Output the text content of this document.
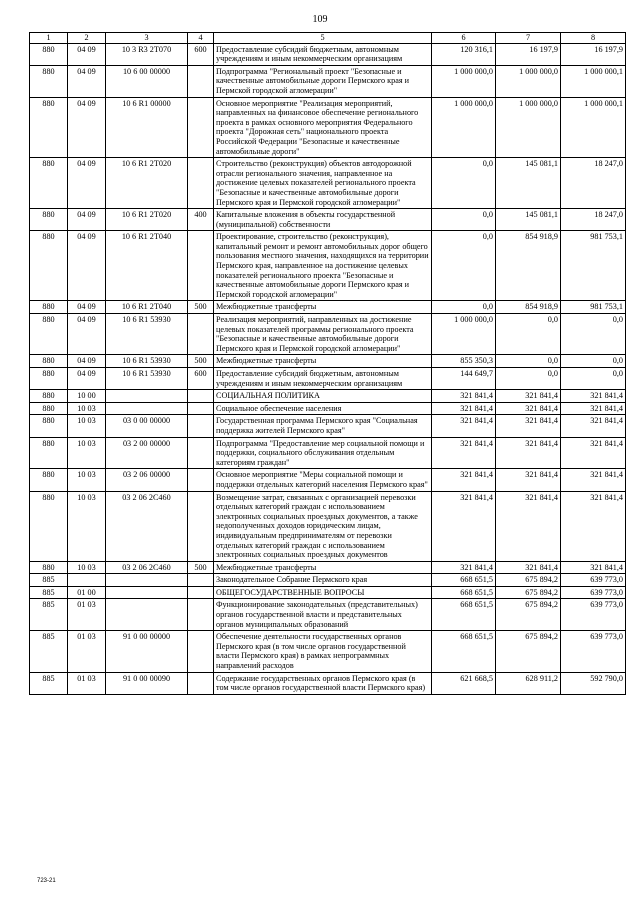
109
1	2	3	4	5	6	7	8
880	04 09	10 3 R3 2T070	600	Предоставление субсидий бюджетным, автономным учреждениям и иным некоммерческим организациям	120 316,1	16 197,9	16 197,9
880	04 09	10 6 00 00000		Подпрограмма "Региональный проект "Безопасные и качественные автомобильные дороги Пермского края и Пермской городской агломерации"	1 000 000,0	1 000 000,0	1 000 000,1
880	04 09	10 6 R1 00000		Основное мероприятие "Реализация мероприятий, направленных на финансовое обеспечение регионального проекта в рамках основного мероприятия Федерального проекта "Дорожная сеть" национального проекта Российской Федерации "Безопасные и качественные автомобильные дороги"	1 000 000,0	1 000 000,0	1 000 000,1
880	04 09	10 6 R1 2T020		Строительство (реконструкция) объектов автодорожной отрасли регионального значения, направленное на достижение целевых показателей регионального проекта "Безопасные и качественные автомобильные дороги Пермского края и Пермской городской агломерации"	0,0	145 081,1	18 247,0
880	04 09	10 6 R1 2T020	400	Капитальные вложения в объекты государственной (муниципальной) собственности	0,0	145 081,1	18 247,0
880	04 09	10 6 R1 2T040		Проектирование, строительство (реконструкция), капитальный ремонт и ремонт автомобильных дорог общего пользования местного значения, находящихся на территории Пермского края, направленное на достижение целевых показателей регионального проекта "Безопасные и качественные автомобильные дороги Пермского края и Пермской городской агломерации"	0,0	854 918,9	981 753,1
880	04 09	10 6 R1 2T040	500	Межбюджетные трансферты	0,0	854 918,9	981 753,1
880	04 09	10 6 R1 53930		Реализация мероприятий, направленных на достижение целевых показателей программы регионального проекта "Безопасные и качественные автомобильные дороги Пермского края и Пермской городской агломерации"	1 000 000,0	0,0	0,0
880	04 09	10 6 R1 53930	500	Межбюджетные трансферты	855 350,3	0,0	0,0
880	04 09	10 6 R1 53930	600	Предоставление субсидий бюджетным, автономным учреждениям и иным некоммерческим организациям	144 649,7	0,0	0,0
880	10 00			СОЦИАЛЬНАЯ ПОЛИТИКА	321 841,4	321 841,4	321 841,4
880	10 03			Социальное обеспечение населения	321 841,4	321 841,4	321 841,4
880	10 03	03 0 00 00000		Государственная программа Пермского края "Социальная поддержка жителей Пермского края"	321 841,4	321 841,4	321 841,4
880	10 03	03 2 00 00000		Подпрограмма "Предоставление мер социальной помощи и поддержки, социального обслуживания отдельным категориям граждан"	321 841,4	321 841,4	321 841,4
880	10 03	03 2 06 00000		Основное мероприятие "Меры социальной помощи и поддержки отдельных категорий населения Пермского края"	321 841,4	321 841,4	321 841,4
880	10 03	03 2 06 2C460		Возмещение затрат, связанных с организацией перевозки отдельных категорий граждан с использованием электронных социальных проездных документов, а также недополученных доходов юридическим лицам, индивидуальным предпринимателям от перевозки отдельных категорий граждан с использованием электронных социальных проездных документов	321 841,4	321 841,4	321 841,4
880	10 03	03 2 06 2C460	500	Межбюджетные трансферты	321 841,4	321 841,4	321 841,4
885				Законодательное Собрание Пермского края	668 651,5	675 894,2	639 773,0
885	01 00			ОБЩЕГОСУДАРСТВЕННЫЕ ВОПРОСЫ	668 651,5	675 894,2	639 773,0
885	01 03			Функционирование законодательных (представительных) органов государственной власти и представительных органов муниципальных образований	668 651,5	675 894,2	639 773,0
885	01 03	91 0 00 00000		Обеспечение деятельности государственных органов Пермского края (в том числе органов государственной власти Пермского края) в рамках непрограммных направлений расходов	668 651,5	675 894,2	639 773,0
885	01 03	91 0 00 00090		Содержание государственных органов Пермского края (в том числе органов государственной власти Пермского края)	621 668,5	628 911,2	592 790,0
723-21
